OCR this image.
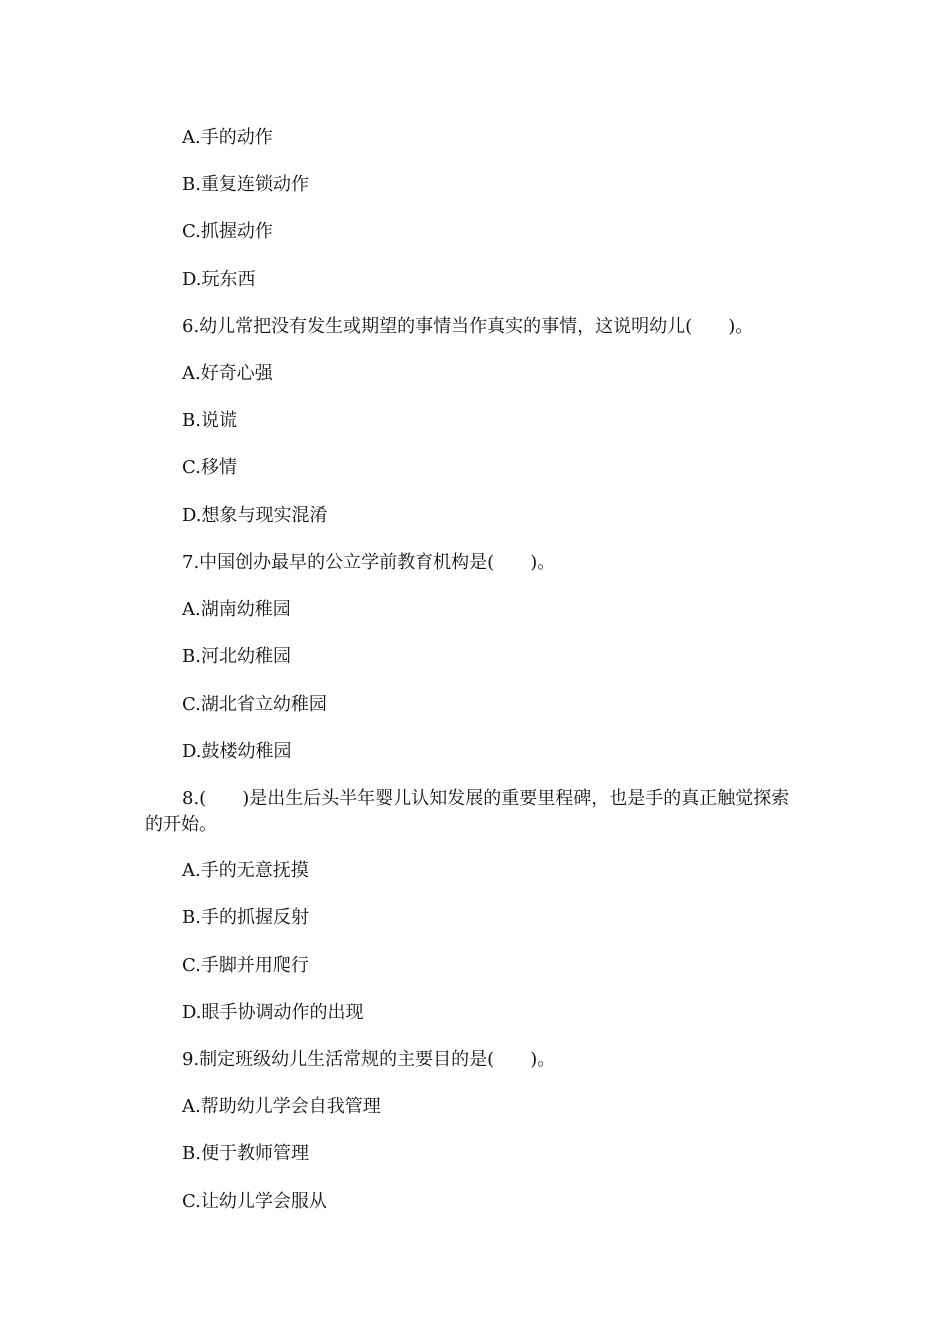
A.手的动作
B.重复连锁动作
C.抓握动作
D.玩东西
6.幼儿常把没有发生或期望的事情当作真实的事情，这说明幼儿(　　)。
A.好奇心强
B.说谎
C.移情
D.想象与现实混淆
7.中国创办最早的公立学前教育机构是(　　)。
A.湖南幼稚园
B.河北幼稚园
C.湖北省立幼稚园
D.鼓楼幼稚园
8.(　　)是出生后头半年婴儿认知发展的重要里程碑，也是手的真正触觉探索的开始。
A.手的无意抚摸
B.手的抓握反射
C.手脚并用爬行
D.眼手协调动作的出现
9.制定班级幼儿生活常规的主要目的是(　　)。
A.帮助幼儿学会自我管理
B.便于教师管理
C.让幼儿学会服从
